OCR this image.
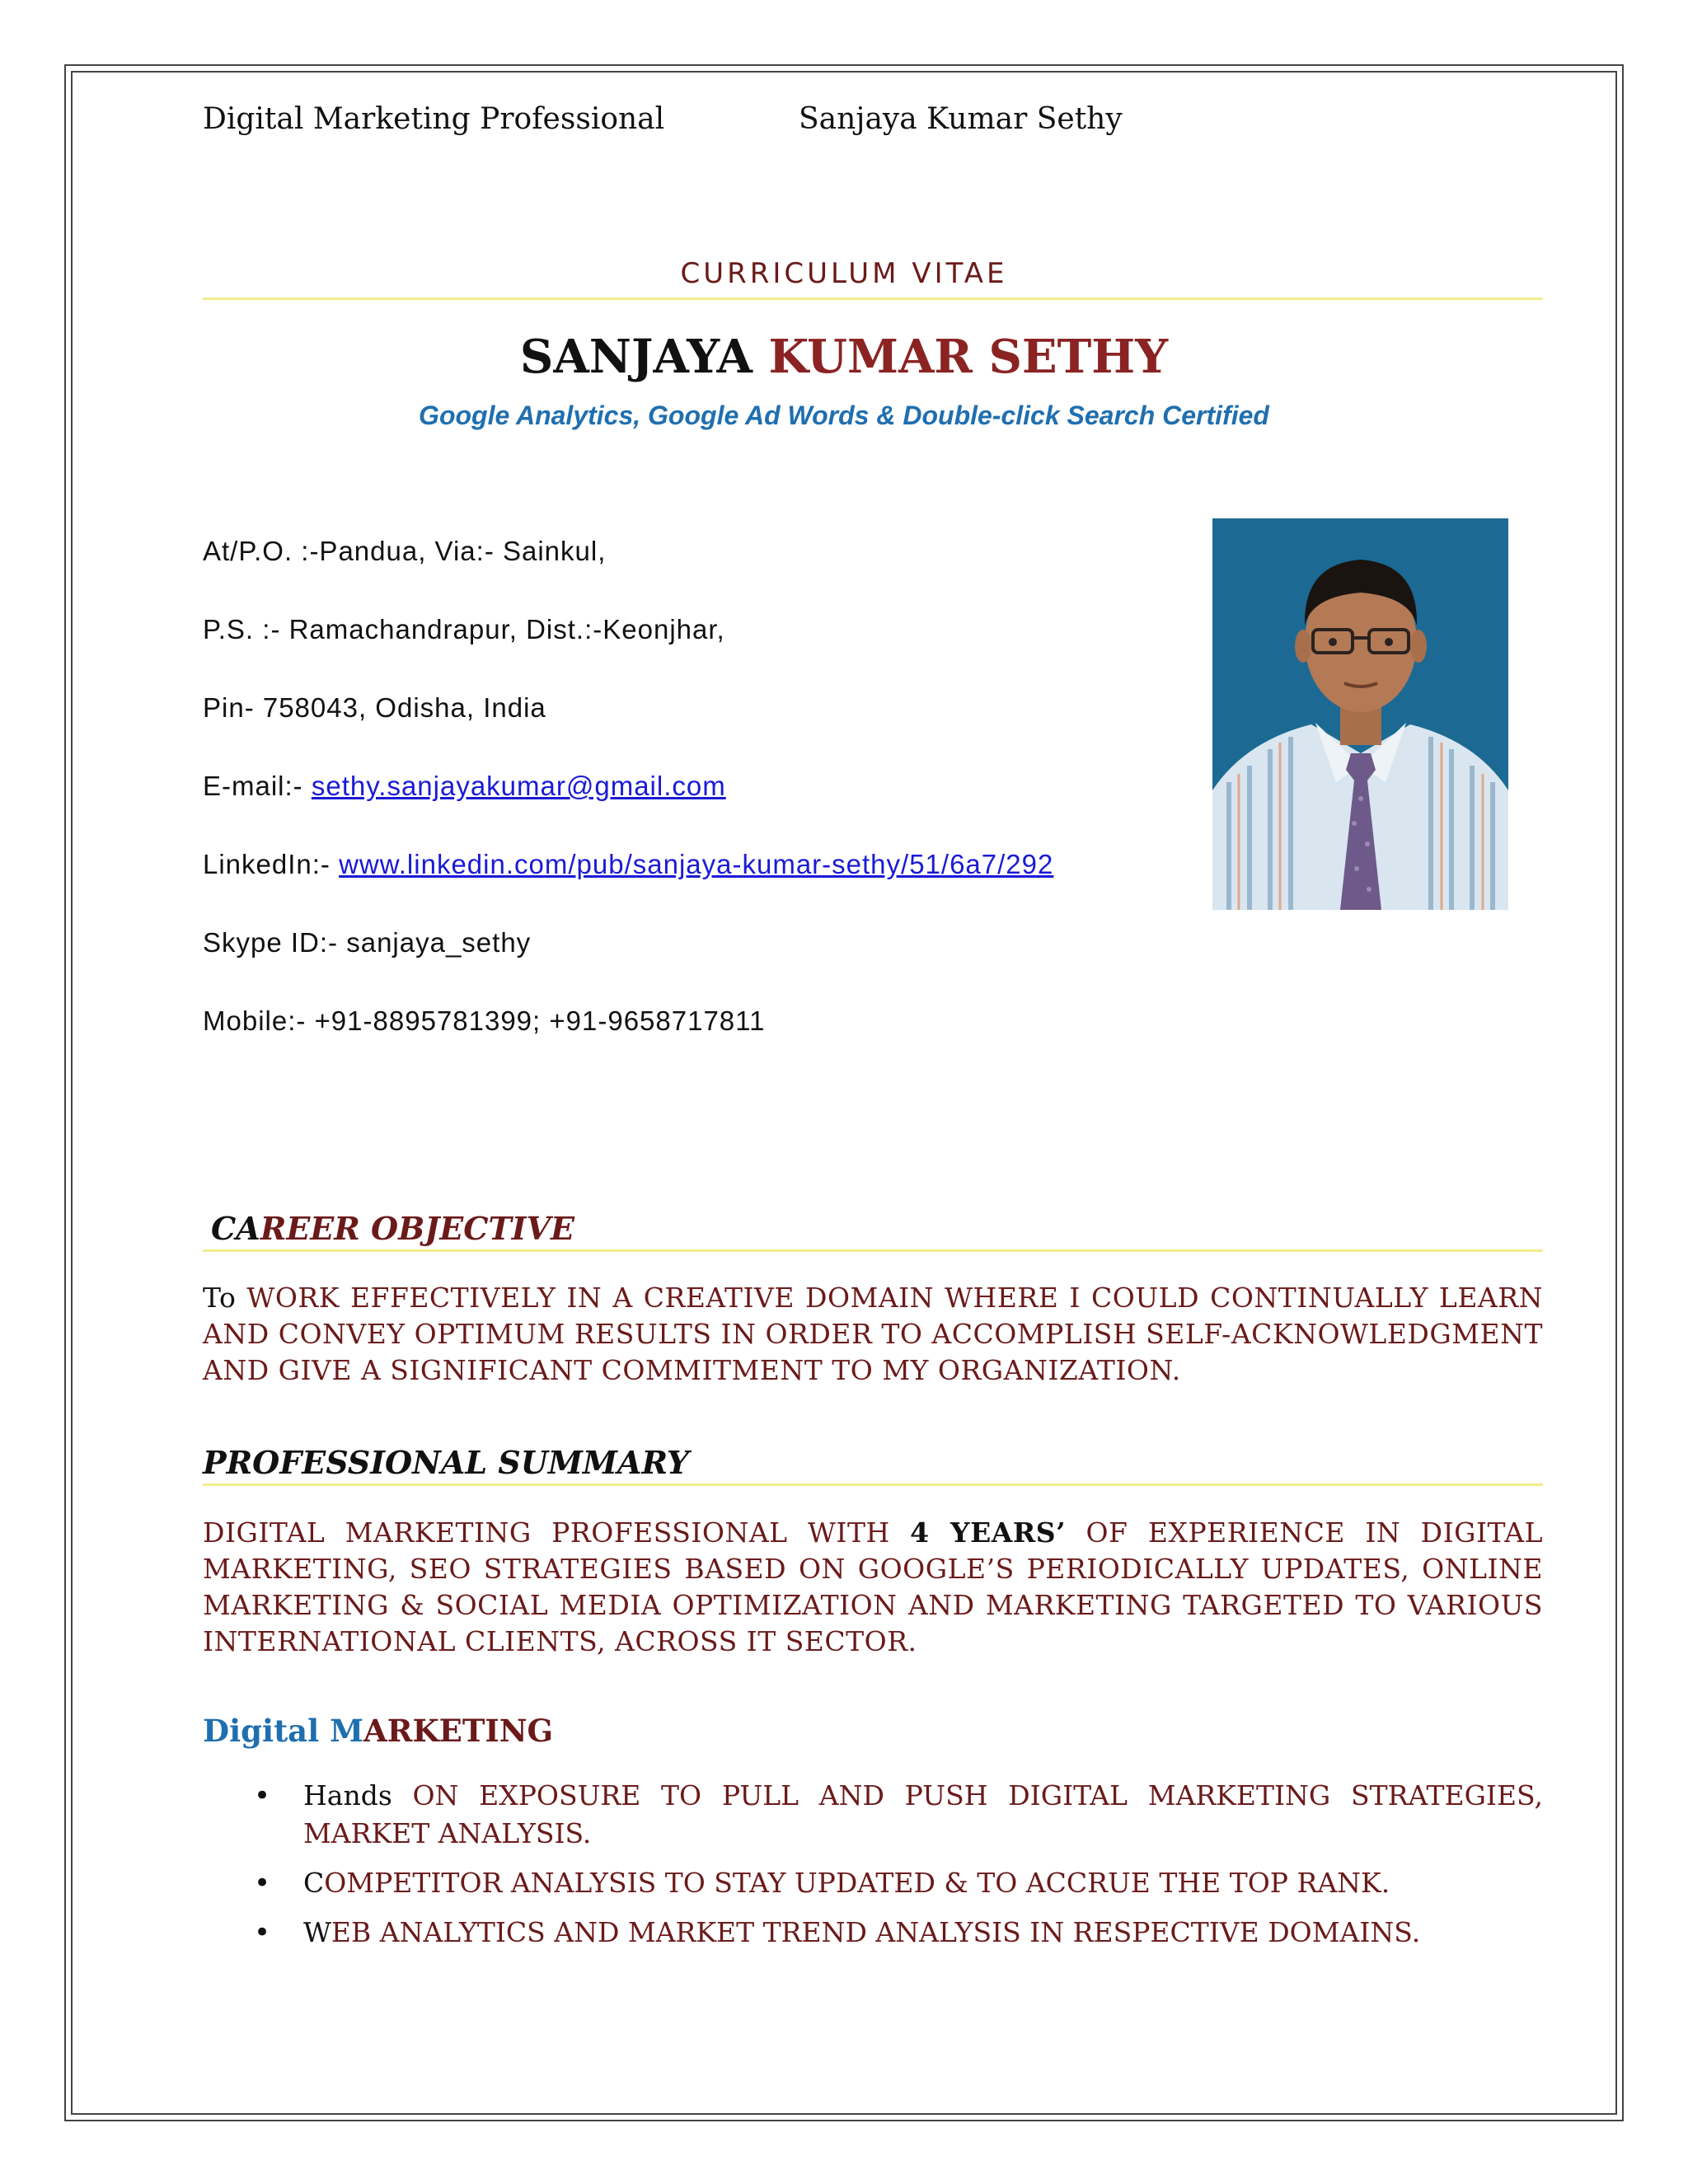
Digital Marketing Professional	Sanjaya Kumar Sethy
CURRICULUM VITAE
SANJAYA KUMAR SETHY
Google Analytics, Google Ad Words & Double-click Search Certified
At/P.O. :-Pandua, Via:- Sainkul,
P.S. :- Ramachandrapur, Dist.:-Keonjhar,
Pin- 758043, Odisha, India
E-mail:- sethy.sanjayakumar@gmail.com
LinkedIn:- www.linkedin.com/pub/sanjaya-kumar-sethy/51/6a7/292
Skype ID:- sanjaya_sethy
Mobile:- +91-8895781399; +91-9658717811
CAREER OBJECTIVE
To WORK EFFECTIVELY IN A CREATIVE DOMAIN WHERE I COULD CONTINUALLY LEARN AND CONVEY OPTIMUM RESULTS IN ORDER TO ACCOMPLISH SELF-ACKNOWLEDGMENT AND GIVE A SIGNIFICANT COMMITMENT TO MY ORGANIZATION.
PROFESSIONAL SUMMARY
DIGITAL MARKETING PROFESSIONAL WITH 4 YEARS’ OF EXPERIENCE IN DIGITAL MARKETING, SEO STRATEGIES BASED ON GOOGLE’S PERIODICALLY UPDATES, ONLINE MARKETING & SOCIAL MEDIA OPTIMIZATION AND MARKETING TARGETED TO VARIOUS INTERNATIONAL CLIENTS, ACROSS IT SECTOR.
Digital MARKETING
• Hands ON EXPOSURE TO PULL AND PUSH DIGITAL MARKETING STRATEGIES, MARKET ANALYSIS.
• COMPETITOR ANALYSIS TO STAY UPDATED & TO ACCRUE THE TOP RANK.
• WEB ANALYTICS AND MARKET TREND ANALYSIS IN RESPECTIVE DOMAINS.
